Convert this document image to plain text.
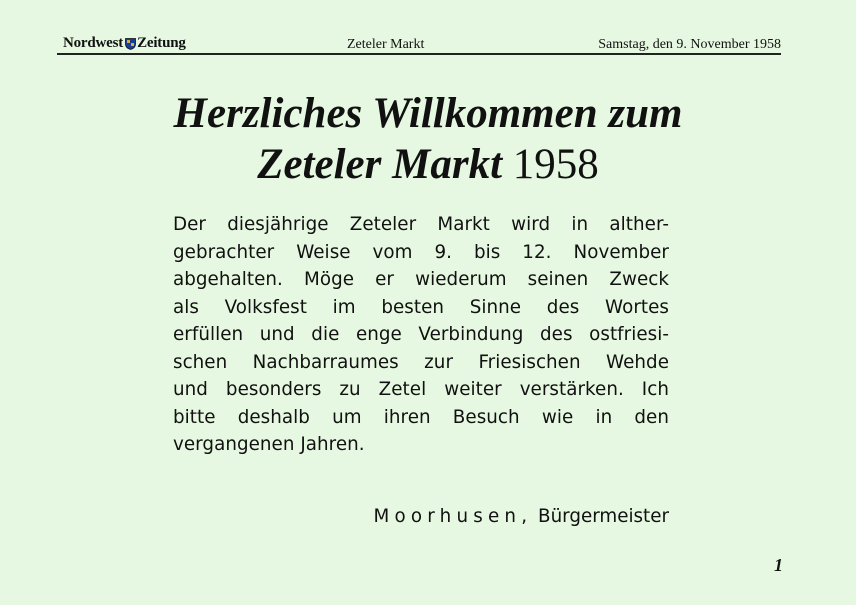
Nordwest Zeitung	Zeteler Markt	Samstag, den 9. November 1958
Herzliches Willkommen zum
Zeteler Markt 1958
Der diesjährige Zeteler Markt wird in alther-
gebrachter Weise vom 9. bis 12. November
abgehalten. Möge er wiederum seinen Zweck
als Volksfest im besten Sinne des Wortes
erfüllen und die enge Verbindung des ostfriesi-
schen Nachbarraumes zur Friesischen Wehde
und besonders zu Zetel weiter verstärken. Ich
bitte deshalb um ihren Besuch wie in den
vergangenen Jahren.
Moorhusen, Bürgermeister
1
